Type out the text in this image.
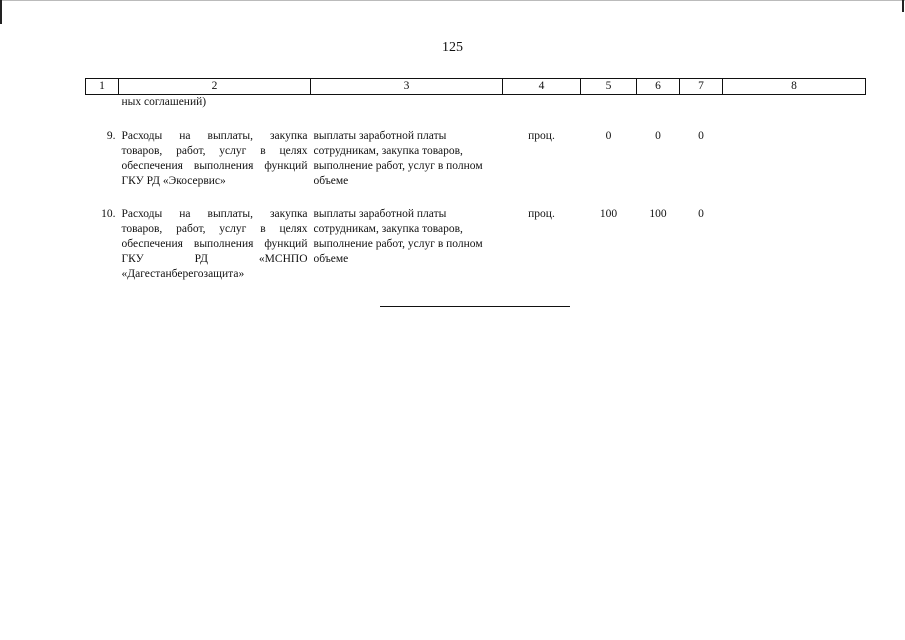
125
1	2	3	4	5	6	7	8
	ных соглашений)						
9.	Расходы на выплаты, закупка товаров, работ, услуг в целях обеспечения выполнения функций ГКУ РД «Экосервис»	выплаты заработной платы сотрудникам, закупка товаров, выполнение работ, услуг в полном объеме	проц.	0	0	0	
10.	Расходы на выплаты, закупка товаров, работ, услуг в целях обеспечения выполнения функций ГКУ РД «МСНПО «Дагестанберегозащита»	выплаты заработной платы сотрудникам, закупка товаров, выполнение работ, услуг в полном объеме	проц.	100	100	0	
